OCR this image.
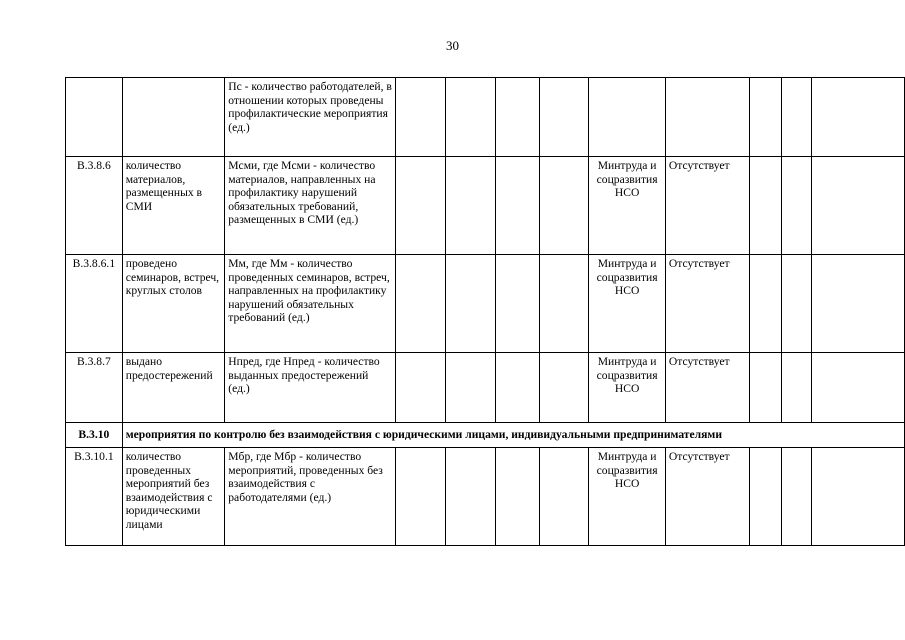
30
		Пс - количество работодателей, в отношении которых проведены профилактические мероприятия (ед.)									
B.3.8.6	количество материалов, размещенных в СМИ	Мсми, где Мсми - количество материалов, направленных на профилактику нарушений обязательных требований, размещенных в СМИ (ед.)					Минтруда и соцразвития НСО	Отсутствует			
B.3.8.6.1	проведено семинаров, встреч, круглых столов	Мм, где Мм - количество проведенных семинаров, встреч, направленных на профилактику нарушений обязательных требований (ед.)					Минтруда и соцразвития НСО	Отсутствует			
B.3.8.7	выдано предостережений	Нпред, где Нпред - количество выданных предостережений (ед.)					Минтруда и соцразвития НСО	Отсутствует			
B.3.10	мероприятия по контролю без взаимодействия с юридическими лицами, индивидуальными предпринимателями										
B.3.10.1	количество проведенных мероприятий без взаимодействия с юридическими лицами	Мбр, где Мбр - количество мероприятий, проведенных без взаимодействия с работодателями (ед.)					Минтруда и соцразвития НСО	Отсутствует			
